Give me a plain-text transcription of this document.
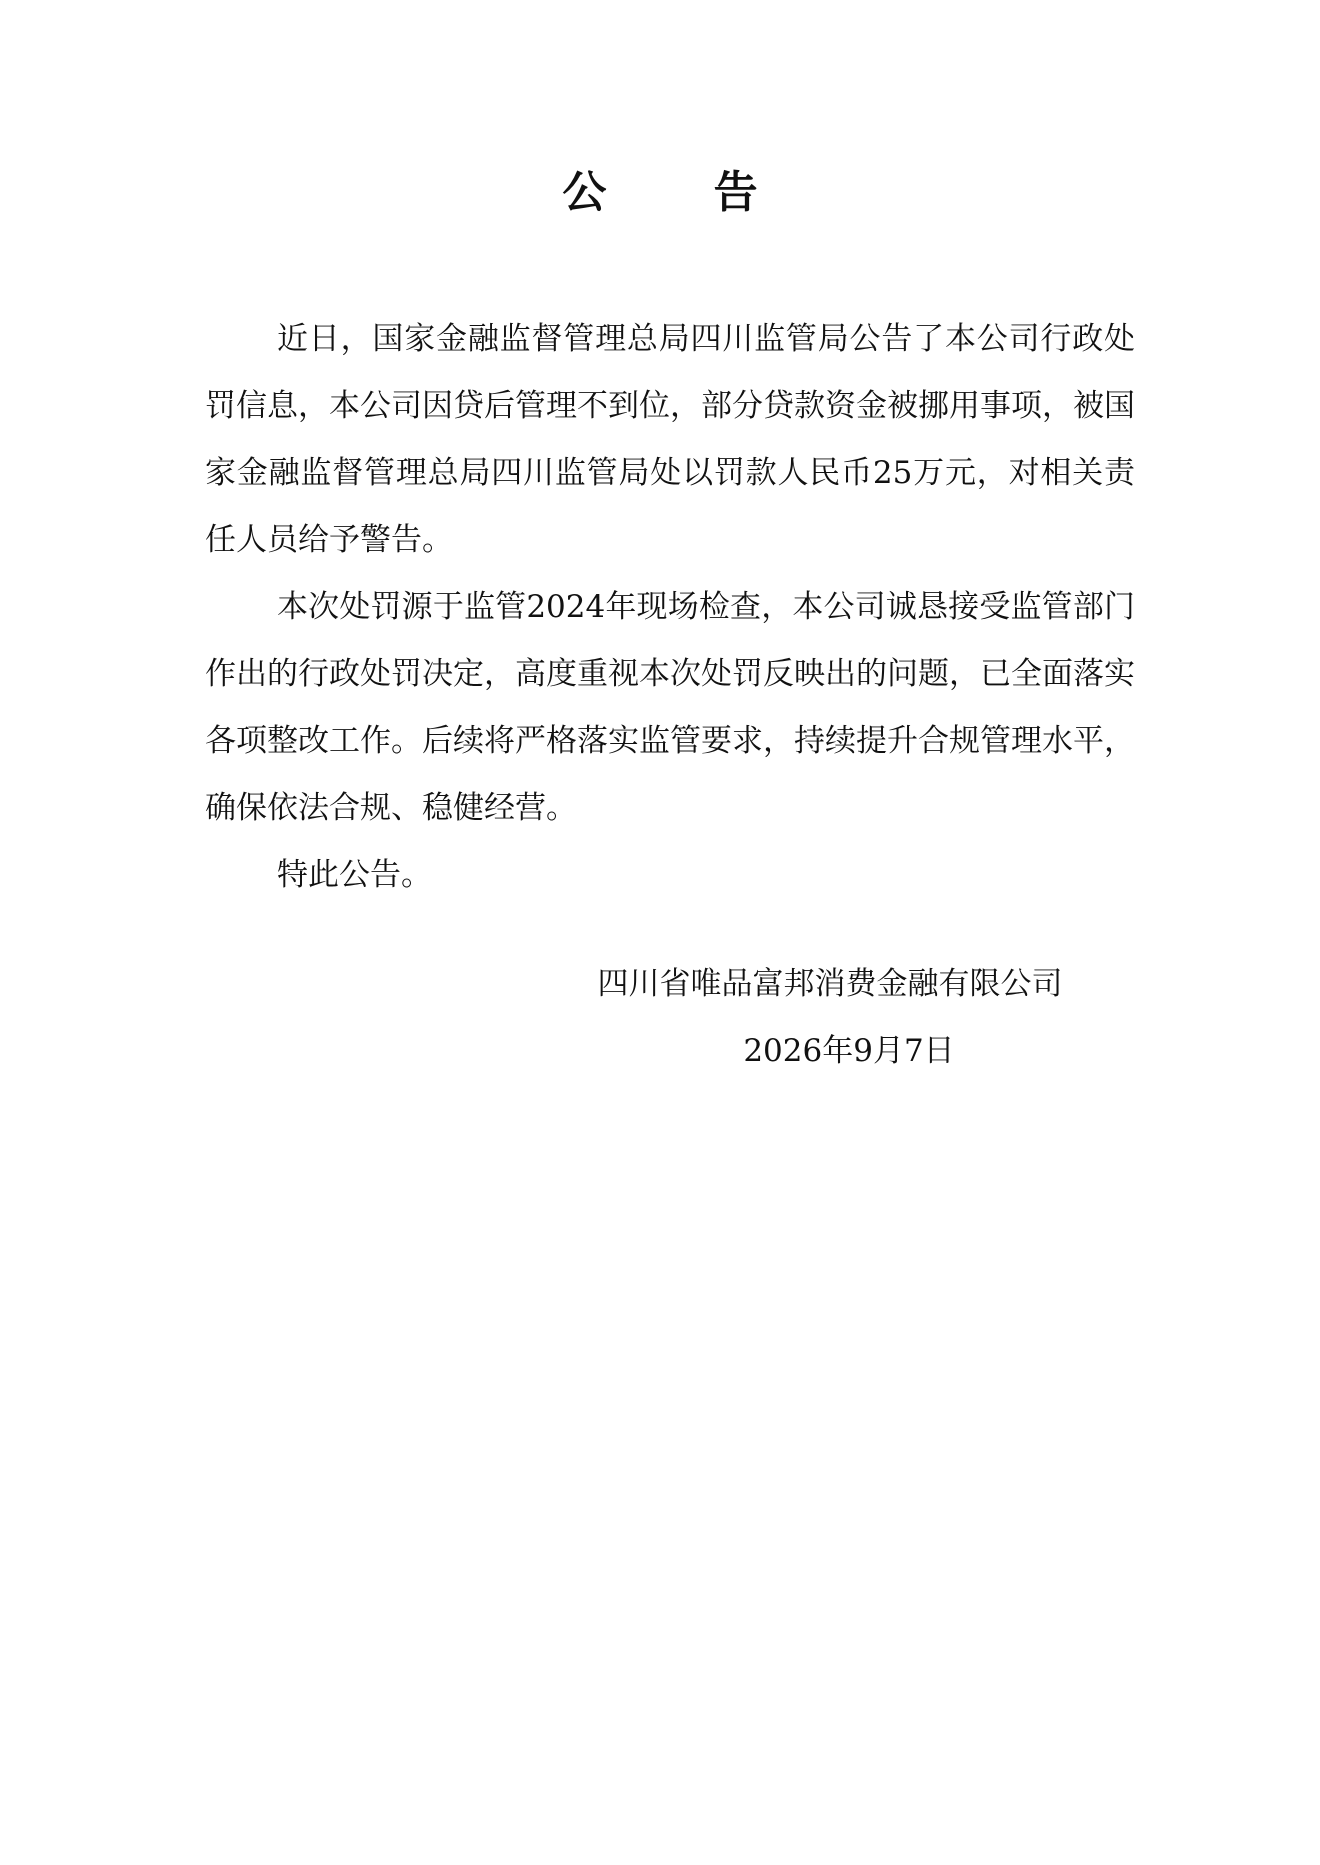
公 告

近日，国家金融监督管理总局四川监管局公告了本公司行政处罚信息，本公司因贷后管理不到位，部分贷款资金被挪用事项，被国家金融监督管理总局四川监管局处以罚款人民币25万元，对相关责任人员给予警告。

本次处罚源于监管2024年现场检查，本公司诚恳接受监管部门作出的行政处罚决定，高度重视本次处罚反映出的问题，已全面落实各项整改工作。后续将严格落实监管要求，持续提升合规管理水平，确保依法合规、稳健经营。

特此公告。

四川省唯品富邦消费金融有限公司
2026年9月7日
